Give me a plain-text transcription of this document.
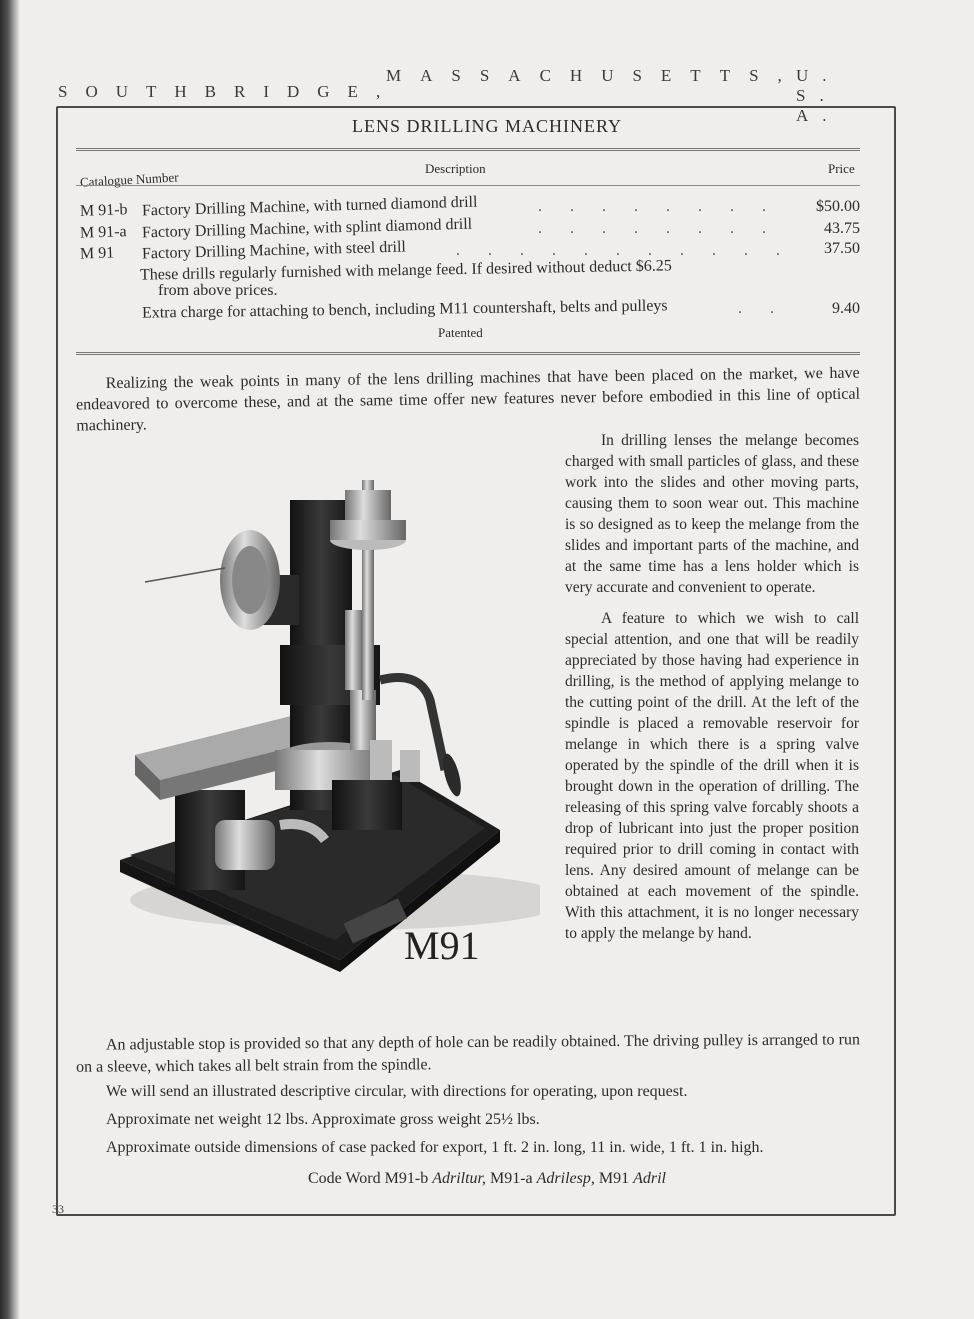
SOUTHBRIDGE,
MASSACHUSETTS,
U. S. A.
LENS DRILLING MACHINERY
Catalogue Number
Description	Price
M 91-b Factory Drilling Machine, with turned diamond drill	. . . . . . . . $50.00
M 91-a Factory Drilling Machine, with splint diamond drill	. . . . . . . .	43.75
M 91 Factory Drilling Machine, with steel drill	. . . . . . . . . . . 37.50
These drills regularly furnished with melange feed. If desired without deduct $6.25
from above prices.
Extra charge for attaching to bench, including M11 countershaft, belts and pulleys	. .	9.40
Patented
Realizing the weak points in many of the lens drilling machines that have been placed on the market, we have endeavored to overcome these, and at the same time offer new features never before embodied in this line of optical machinery.

In drilling lenses the melange becomes charged with small particles of glass, and these work into the slides and other moving parts, causing them to soon wear out. This machine is so designed as to keep the melange from the slides and important parts of the machine, and at the same time has a lens holder which is very accurate and convenient to operate.

A feature to which we wish to call special attention, and one that will be readily appreciated by those having had experience in drilling, is the method of applying melange to the cutting point of the drill. At the left of the spindle is placed a removable reservoir for melange in which there is a spring valve operated by the spindle of the drill when it is brought down in the operation of drilling. The releasing of this spring valve forcably shoots a drop of lubricant into just the proper position required prior to drill coming in contact with lens. Any desired amount of melange can be obtained at each movement of the spindle. With this attachment, it is no longer necessary to apply the melange by hand.

M91
An adjustable stop is provided so that any depth of hole can be readily obtained. The driving pulley is arranged to run on a sleeve, which takes all belt strain from the spindle.
We will send an illustrated descriptive circular, with directions for operating, upon request.
Approximate net weight 12 lbs. Approximate gross weight 25½ lbs.
Approximate outside dimensions of case packed for export, 1 ft. 2 in. long, 11 in. wide, 1 ft. 1 in. high.
Code Word M91-b Adriltur, M91-a Adrilesp, M91 Adril
33
